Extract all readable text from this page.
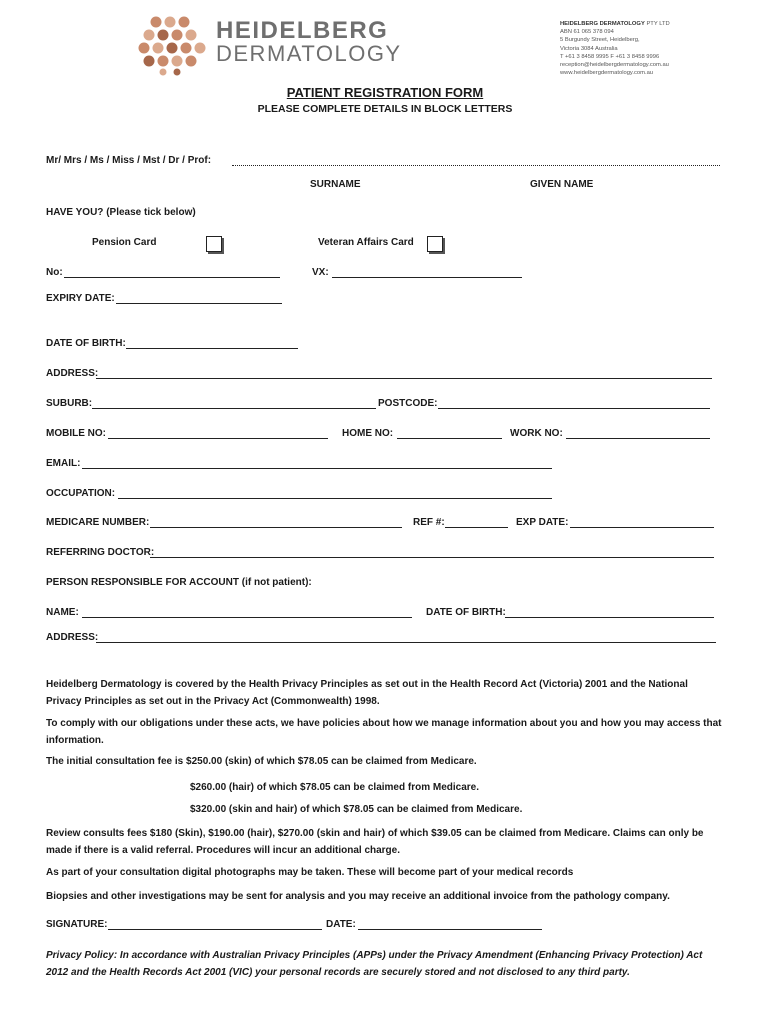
HEIDELBERG
DERMATOLOGY
HEIDELBERG DERMATOLOGY PTY LTD
ABN 61 065 378 094
5 Burgundy Street, Heidelberg,
Victoria 3084 Australia
T +61 3 8458 9995 F +61 3 8458 9996
reception@heidelbergdermatology.com.au
www.heidelbergdermatology.com.au
PATIENT REGISTRATION FORM
PLEASE COMPLETE DETAILS IN BLOCK LETTERS
Mr/ Mrs / Ms / Miss / Mst / Dr / Prof:
SURNAME	GIVEN NAME
HAVE YOU? (Please tick below)
Pension Card	Veteran Affairs Card
No:	VX:
EXPIRY DATE:
DATE OF BIRTH:
ADDRESS:
SUBURB:	POSTCODE:
MOBILE NO:	HOME NO:	WORK NO:
EMAIL:
OCCUPATION:
MEDICARE NUMBER:	REF #:	EXP DATE:
REFERRING DOCTOR:
PERSON RESPONSIBLE FOR ACCOUNT (if not patient):
NAME:	DATE OF BIRTH:
ADDRESS:
Heidelberg Dermatology is covered by the Health Privacy Principles as set out in the Health Record Act (Victoria) 2001 and the National Privacy Principles as set out in the Privacy Act (Commonwealth) 1998.
To comply with our obligations under these acts, we have policies about how we manage information about you and how you may access that information.
The initial consultation fee is $250.00 (skin) of which $78.05 can be claimed from Medicare.
$260.00 (hair) of which $78.05 can be claimed from Medicare.
$320.00 (skin and hair) of which $78.05 can be claimed from Medicare.
Review consults fees $180 (Skin), $190.00 (hair), $270.00 (skin and hair) of which $39.05 can be claimed from Medicare. Claims can only be made if there is a valid referral. Procedures will incur an additional charge.
As part of your consultation digital photographs may be taken. These will become part of your medical records
Biopsies and other investigations may be sent for analysis and you may receive an additional invoice from the pathology company.
SIGNATURE:	DATE:
Privacy Policy: In accordance with Australian Privacy Principles (APPs) under the Privacy Amendment (Enhancing Privacy Protection) Act 2012 and the Health Records Act 2001 (VIC) your personal records are securely stored and not disclosed to any third party.
